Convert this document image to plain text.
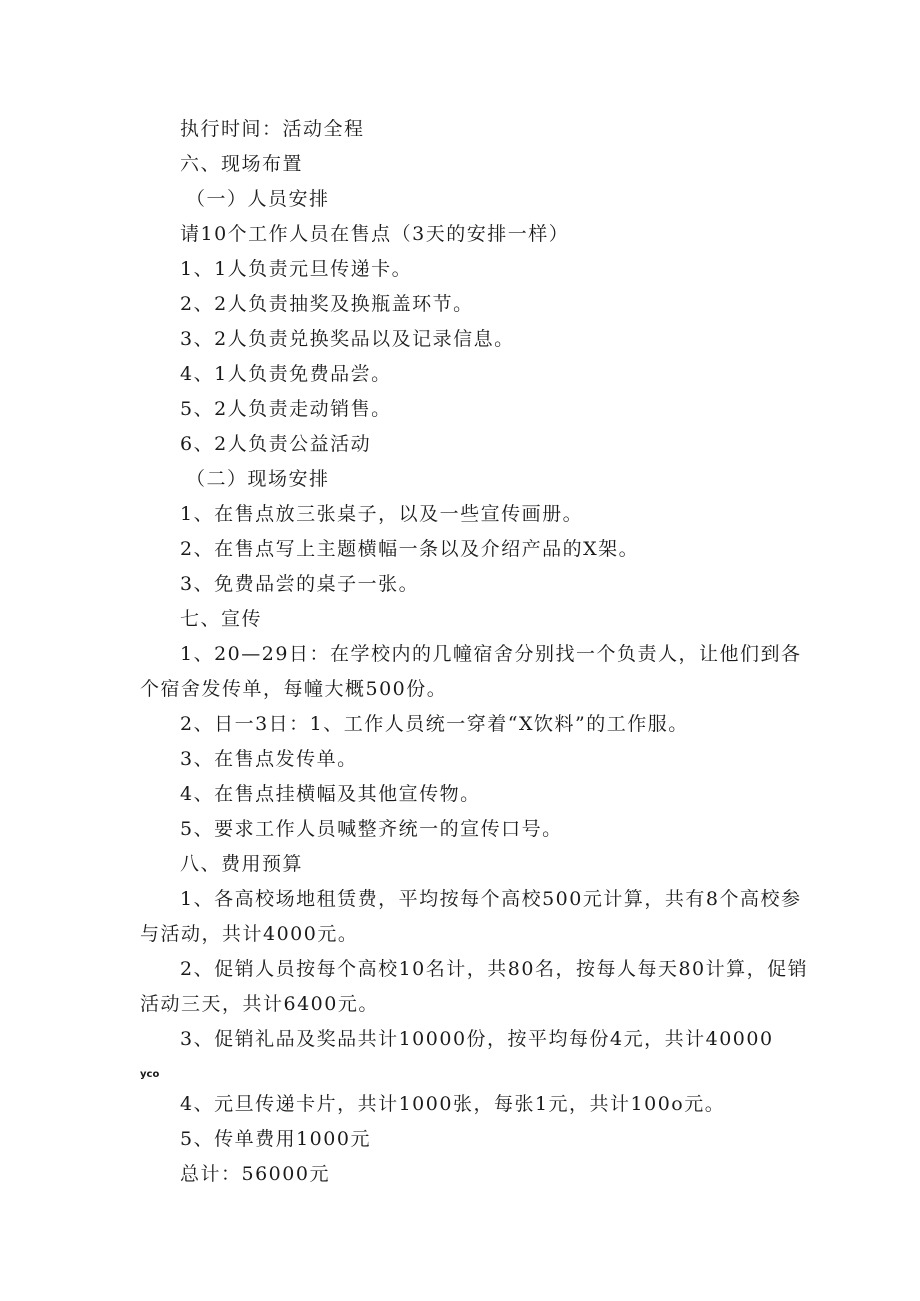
执行时间：活动全程
六、现场布置
（一）人员安排
请10个工作人员在售点（3天的安排一样）
1、1人负责元旦传递卡。
2、2人负责抽奖及换瓶盖环节。
3、2人负责兑换奖品以及记录信息。
4、1人负责免费品尝。
5、2人负责走动销售。
6、2人负责公益活动
（二）现场安排
1、在售点放三张桌子，以及一些宣传画册。
2、在售点写上主题横幅一条以及介绍产品的X架。
3、免费品尝的桌子一张。
七、宣传
1、20—29日：在学校内的几幢宿舍分别找一个负责人，让他们到各
个宿舍发传单，每幢大概500份。
2、日一3日：1、工作人员统一穿着“X饮料”的工作服。
3、在售点发传单。
4、在售点挂横幅及其他宣传物。
5、要求工作人员喊整齐统一的宣传口号。
八、费用预算
1、各高校场地租赁费，平均按每个高校500元计算，共有8个高校参
与活动，共计4000元。
2、促销人员按每个高校10名计，共80名，按每人每天80计算，促销
活动三天，共计6400元。
3、促销礼品及奖品共计10000份，按平均每份4元，共计40000
yco
4、元旦传递卡片，共计1000张，每张1元，共计100o元。
5、传单费用1000元
总计：56000元
